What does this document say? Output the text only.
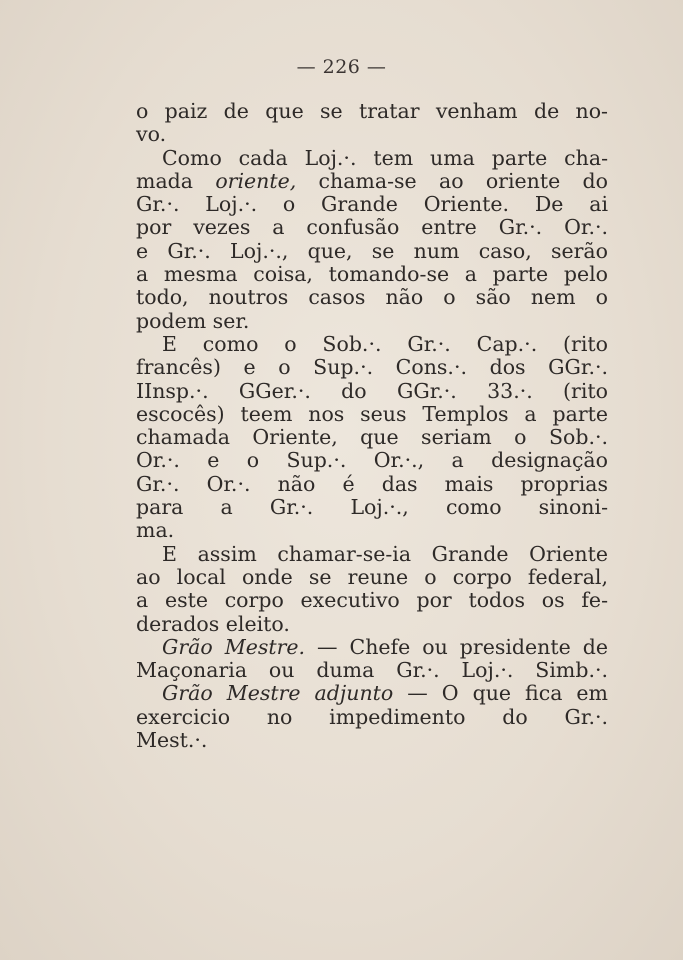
— 226 —
o paiz de que se tratar venham de no-
vo.
Como cada Loj.·. tem uma parte cha-
mada oriente, chama-se ao oriente do
Gr.·. Loj.·. o Grande Oriente. De ai
por vezes a confusão entre Gr.·. Or.·.
e Gr.·. Loj.·., que, se num caso, serão
a mesma coisa, tomando-se a parte pelo
todo, noutros casos não o são nem o
podem ser.
E como o Sob.·. Gr.·. Cap.·. (rito
francês) e o Sup.·. Cons.·. dos GGr.·.
IInsp.·. GGer.·. do GGr.·. 33.·. (rito
escocês) teem nos seus Templos a parte
chamada Oriente, que seriam o Sob.·.
Or.·. e o Sup.·. Or.·., a designação
Gr.·. Or.·. não é das mais proprias
para a Gr.·. Loj.·., como sinoni-
ma.
E assim chamar-se-ia Grande Oriente
ao local onde se reune o corpo federal,
a este corpo executivo por todos os fe-
derados eleito.
Grão Mestre. — Chefe ou presidente de
Maçonaria ou duma Gr.·. Loj.·. Simb.·.
Grão Mestre adjunto — O que fica em
exercicio no impedimento do Gr.·.
Mest.·.
